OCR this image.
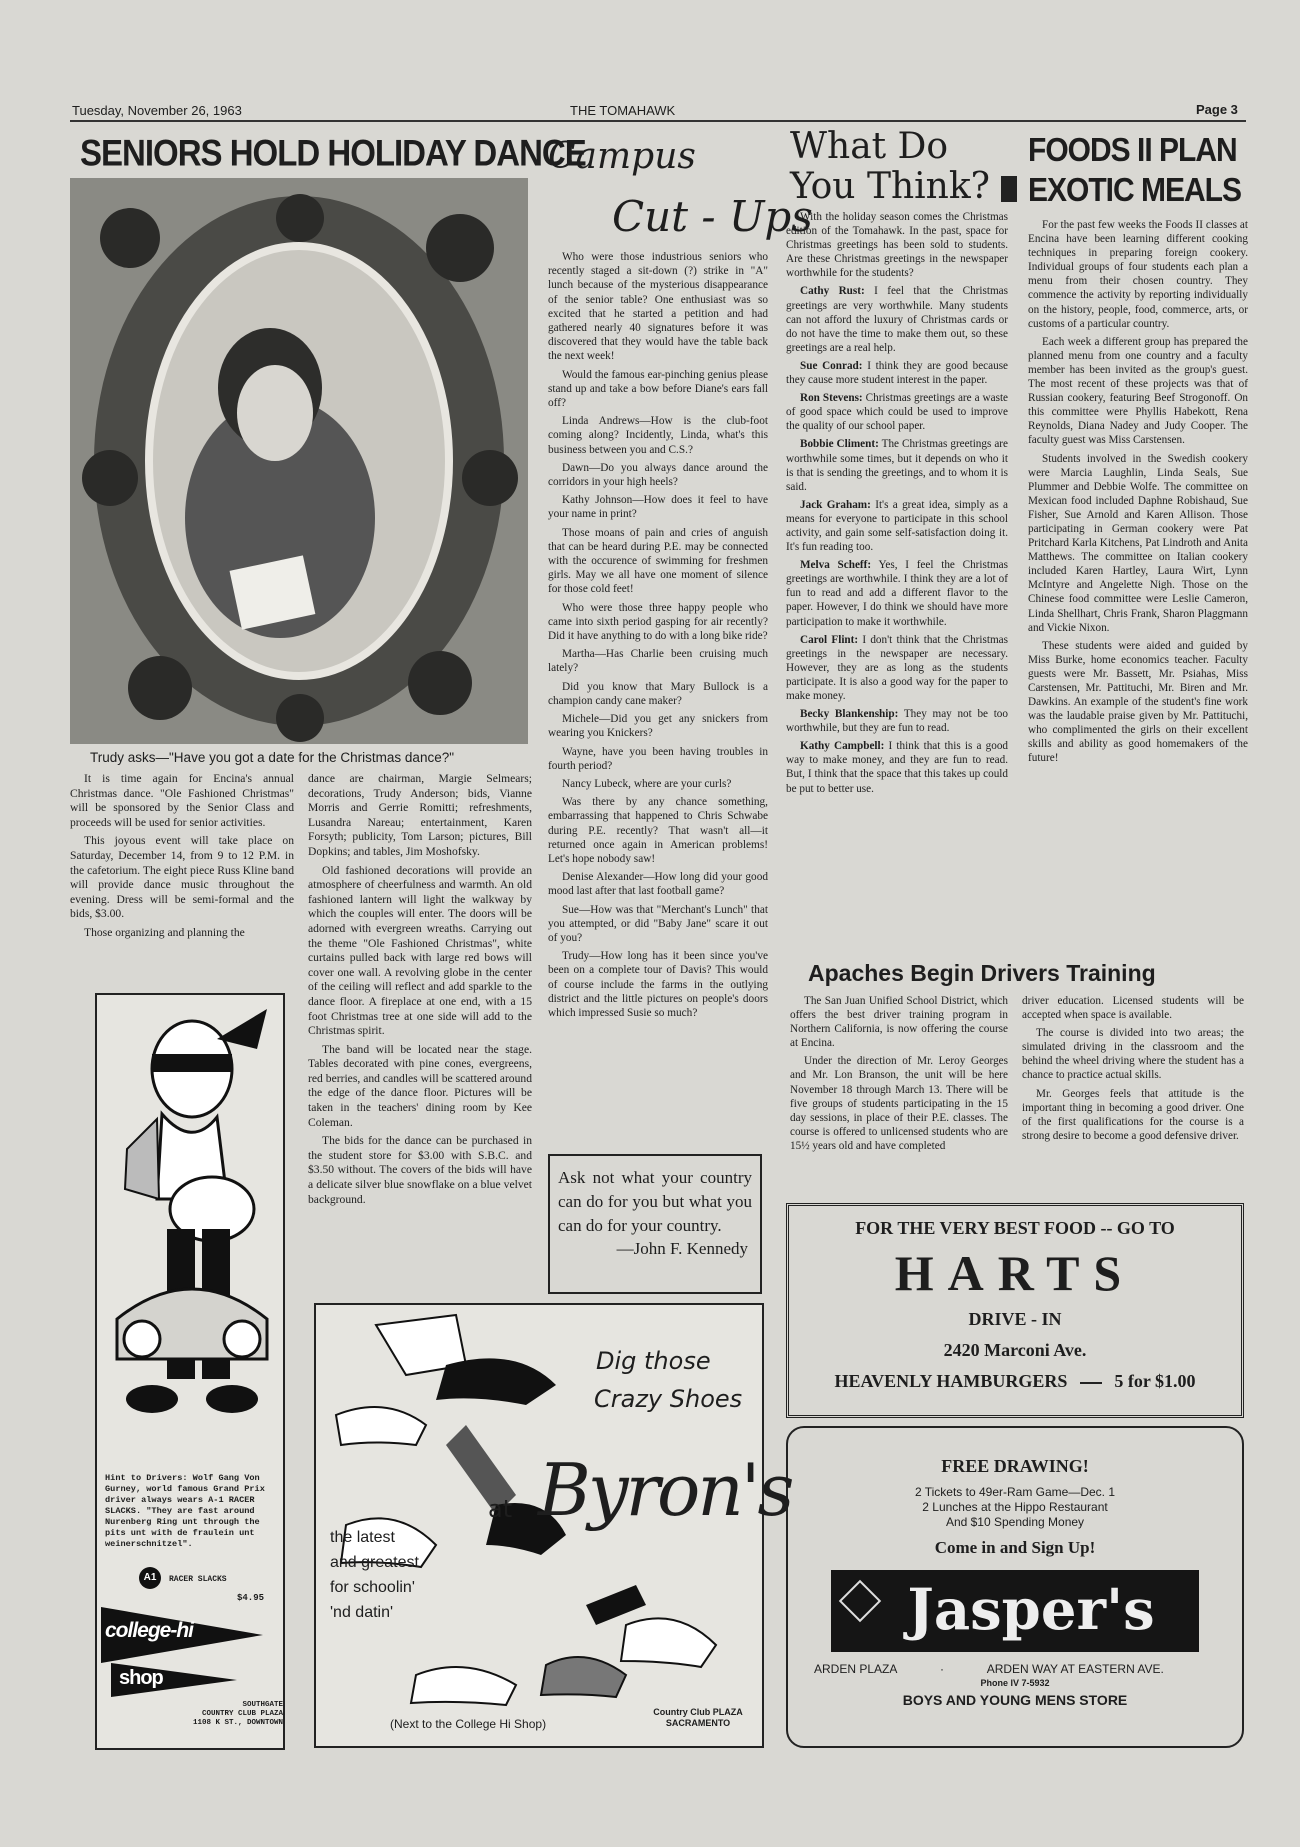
Tuesday, November 26, 1963	THE TOMAHAWK	Page 3
SENIORS HOLD HOLIDAY DANCE
Trudy asks—"Have you got a date for the Christmas dance?"

It is time again for Encina's annual Christmas dance. "Ole Fashioned Christmas" will be sponsored by the Senior Class and proceeds will be used for senior activities.

This joyous event will take place on Saturday, December 14, from 9 to 12 P.M. in the cafetorium. The eight piece Russ Kline band will provide dance music throughout the evening. Dress will be semi-formal and the bids, $3.00.

Those organizing and planning the

dance are chairman, Margie Selmears; decorations, Trudy Anderson; bids, Vianne Morris and Gerrie Romitti; refreshments, Lusandra Nareau; entertainment, Karen Forsyth; publicity, Tom Larson; pictures, Bill Dopkins; and tables, Jim Moshofsky.

Old fashioned decorations will provide an atmosphere of cheerfulness and warmth. An old fashioned lantern will light the walkway by which the couples will enter. The doors will be adorned with evergreen wreaths. Carrying out the theme "Ole Fashioned Christmas", white curtains pulled back with large red bows will cover one wall. A revolving globe in the center of the ceiling will reflect and add sparkle to the dance floor. A fireplace at one end, with a 15 foot Christmas tree at one side will add to the Christmas spirit.

The band will be located near the stage. Tables decorated with pine cones, evergreens, red berries, and candles will be scattered around the edge of the dance floor. Pictures will be taken in the teachers' dining room by Kee Coleman.

The bids for the dance can be purchased in the student store for $3.00 with S.B.C. and $3.50 without. The covers of the bids will have a delicate silver blue snowflake on a blue velvet background.

Hint to Drivers: Wolf Gang Von Gurney, world famous Grand Prix driver always wears A-1 RACER SLACKS. "They are fast around Nurenberg Ring unt through the pits unt with de fraulein unt weinerschnitzel".
A1	RACER SLACKS
$4.95
college-hi
shop
SOUTHGATE
COUNTRY CLUB PLAZA
1108 K ST., DOWNTOWN
Campus
Cut - Ups

Who were those industrious seniors who recently staged a sit-down (?) strike in "A" lunch because of the mysterious disappearance of the senior table? One enthusiast was so excited that he started a petition and had gathered nearly 40 signatures before it was discovered that they would have the table back the next week!

Would the famous ear-pinching genius please stand up and take a bow before Diane's ears fall off?

Linda Andrews—How is the club-foot coming along? Incidently, Linda, what's this business between you and C.S.?

Dawn—Do you always dance around the corridors in your high heels?

Kathy Johnson—How does it feel to have your name in print?

Those moans of pain and cries of anguish that can be heard during P.E. may be connected with the occurence of swimming for freshmen girls. May we all have one moment of silence for those cold feet!

Who were those three happy people who came into sixth period gasping for air recently? Did it have anything to do with a long bike ride?

Martha—Has Charlie been cruising much lately?

Did you know that Mary Bullock is a champion candy cane maker?

Michele—Did you get any snickers from wearing you Knickers?

Wayne, have you been having troubles in fourth period?

Nancy Lubeck, where are your curls?

Was there by any chance something, embarrassing that happened to Chris Schwabe during P.E. recently? That wasn't all—it returned once again in American problems! Let's hope nobody saw!

Denise Alexander—How long did your good mood last after that last football game?

Sue—How was that "Merchant's Lunch" that you attempted, or did "Baby Jane" scare it out of you?

Trudy—How long has it been since you've been on a complete tour of Davis? This would of course include the farms in the outlying district and the little pictures on people's doors which impressed Susie so much?

Ask not what your country can do for you but what you can do for your country.
—John F. Kennedy
What Do
You Think?

With the holiday season comes the Christmas edition of the Tomahawk. In the past, space for Christmas greetings has been sold to students. Are these Christmas greetings in the newspaper worthwhile for the students?

Cathy Rust: I feel that the Christmas greetings are very worthwhile. Many students can not afford the luxury of Christmas cards or do not have the time to make them out, so these greetings are a real help.

Sue Conrad: I think they are good because they cause more student interest in the paper.

Ron Stevens: Christmas greetings are a waste of good space which could be used to improve the quality of our school paper.

Bobbie Climent: The Christmas greetings are worthwhile some times, but it depends on who it is that is sending the greetings, and to whom it is said.

Jack Graham: It's a great idea, simply as a means for everyone to participate in this school activity, and gain some self-satisfaction doing it. It's fun reading too.

Melva Scheff: Yes, I feel the Christmas greetings are worthwhile. I think they are a lot of fun to read and add a different flavor to the paper. However, I do think we should have more participation to make it worthwhile.

Carol Flint: I don't think that the Christmas greetings in the newspaper are necessary. However, they are as long as the students participate. It is also a good way for the paper to make money.

Becky Blankenship: They may not be too worthwhile, but they are fun to read.

Kathy Campbell: I think that this is a good way to make money, and they are fun to read. But, I think that the space that this takes up could be put to better use.

FOODS II PLAN
EXOTIC MEALS

For the past few weeks the Foods II classes at Encina have been learning different cooking techniques in preparing foreign cookery. Individual groups of four students each plan a menu from their chosen country. They commence the activity by reporting individually on the history, people, food, commerce, arts, or customs of a particular country.

Each week a different group has prepared the planned menu from one country and a faculty member has been invited as the group's guest. The most recent of these projects was that of Russian cookery, featuring Beef Strogonoff. On this committee were Phyllis Habekott, Rena Reynolds, Diana Nadey and Judy Cooper. The faculty guest was Miss Carstensen.

Students involved in the Swedish cookery were Marcia Laughlin, Linda Seals, Sue Plummer and Debbie Wolfe. The committee on Mexican food included Daphne Robishaud, Sue Fisher, Sue Arnold and Karen Allison. Those participating in German cookery were Pat Pritchard Karla Kitchens, Pat Lindroth and Anita Matthews. The committee on Italian cookery included Karen Hartley, Laura Wirt, Lynn McIntyre and Angelette Nigh. Those on the Chinese food committee were Leslie Cameron, Linda Shellhart, Chris Frank, Sharon Plaggmann and Vickie Nixon.

These students were aided and guided by Miss Burke, home economics teacher. Faculty guests were Mr. Bassett, Mr. Psiahas, Miss Carstensen, Mr. Pattituchi, Mr. Biren and Mr. Dawkins. An example of the student's fine work was the laudable praise given by Mr. Pattituchi, who complimented the girls on their excellent skills and ability as good homemakers of the future!

Apaches Begin Drivers Training

The San Juan Unified School District, which offers the best driver training program in Northern California, is now offering the course at Encina.

Under the direction of Mr. Leroy Georges and Mr. Lon Branson, the unit will be here November 18 through March 13. There will be five groups of students participating in the 15 day sessions, in place of their P.E. classes. The course is offered to unlicensed students who are 15½ years old and have completed

driver education. Licensed students will be accepted when space is available.

The course is divided into two areas; the simulated driving in the classroom and the behind the wheel driving where the student has a chance to practice actual skills.

Mr. Georges feels that attitude is the important thing in becoming a good driver. One of the first qualifications for the course is a strong desire to become a good defensive driver.

FOR THE VERY BEST FOOD -- GO TO
HARTS
DRIVE - IN
2420 Marconi Ave.
HEAVENLY HAMBURGERS	5 for $1.00
FREE DRAWING!
2 Tickets to 49er-Ram Game—Dec. 1
2 Lunches at the Hippo Restaurant
And $10 Spending Money
Come in and Sign Up!
Jasper's
ARDEN PLAZA	·	ARDEN WAY AT EASTERN AVE.
Phone IV 7-5932
BOYS AND YOUNG MENS STORE
Dig those
Crazy Shoes
at Byron's
the latest
and greatest
for schoolin'
'nd datin'
(Next to the College Hi Shop)
Country Club PLAZA
SACRAMENTO
